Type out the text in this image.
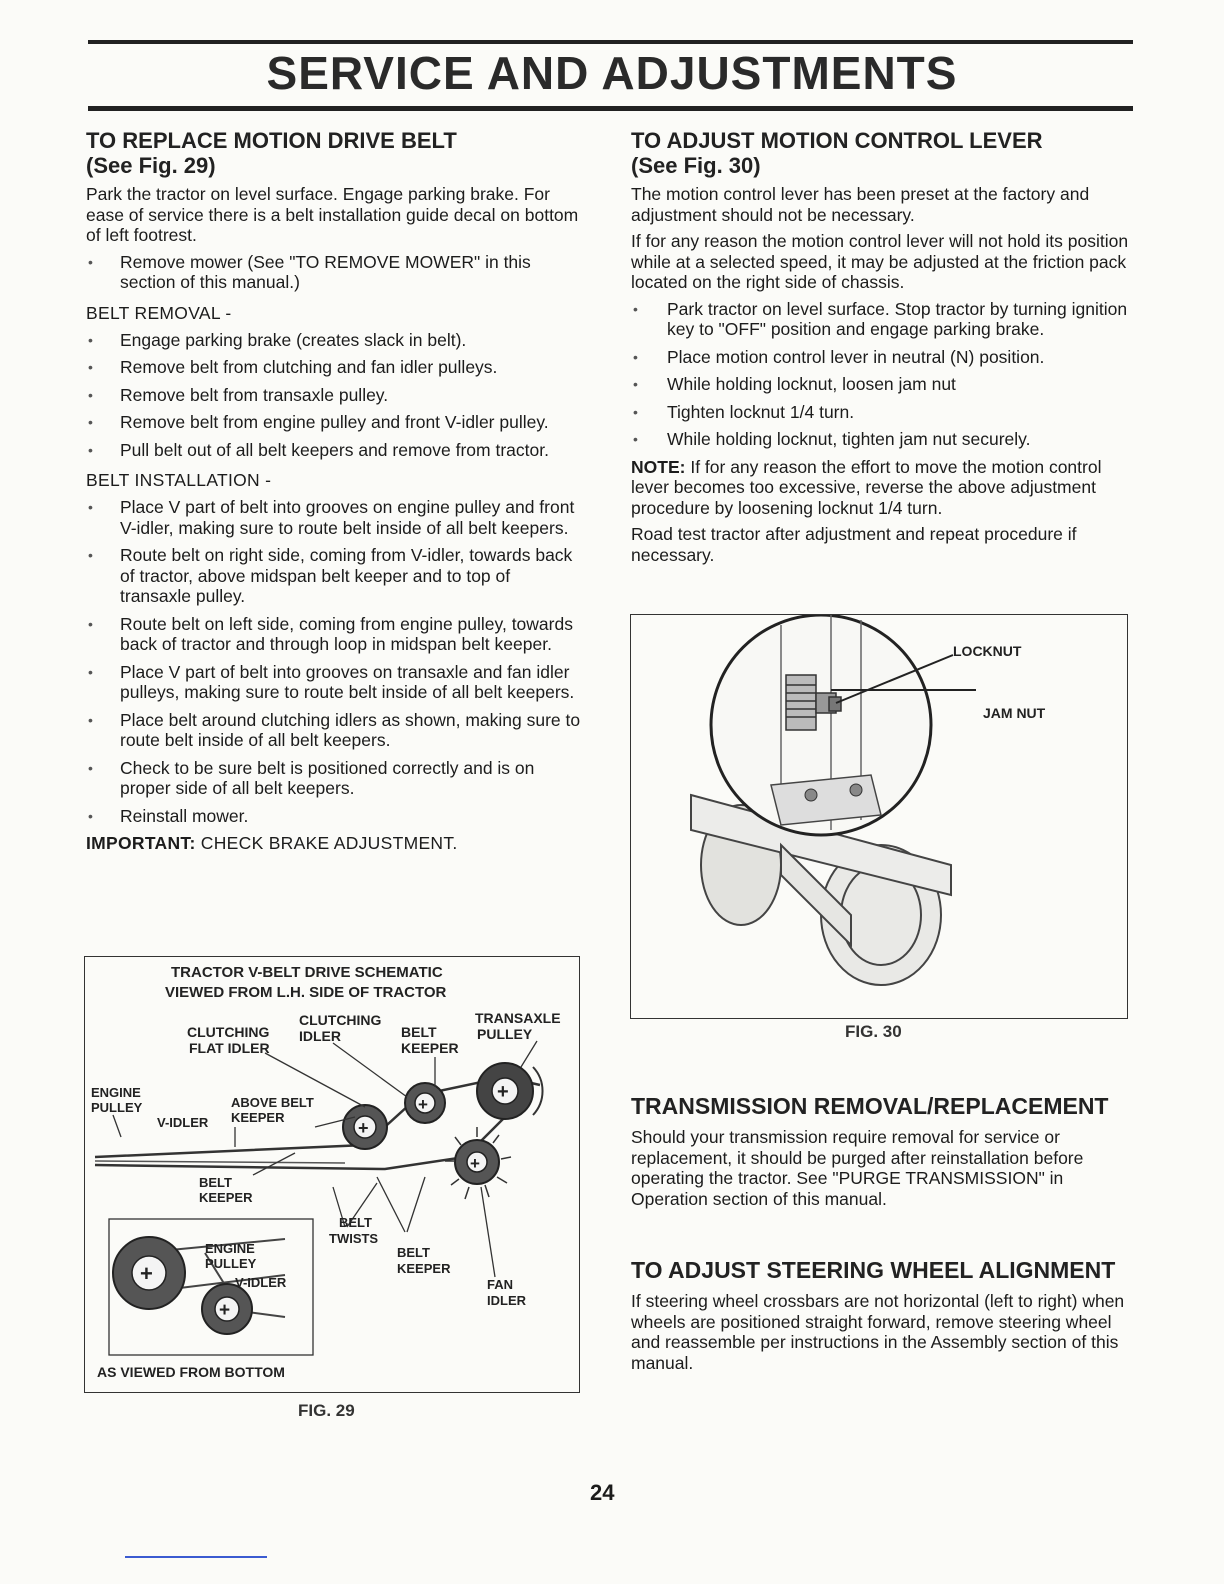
SERVICE AND ADJUSTMENTS
TO REPLACE MOTION DRIVE BELT
(See Fig. 29)

Park the tractor on level surface. Engage parking brake. For ease of service there is a belt installation guide decal on bottom of left footrest.

• Remove mower (See "TO REMOVE MOWER" in this section of this manual.)
BELT REMOVAL -
• Engage parking brake (creates slack in belt).
• Remove belt from clutching and fan idler pulleys.
• Remove belt from transaxle pulley.
• Remove belt from engine pulley and front V-idler pulley.
• Pull belt out of all belt keepers and remove from tractor.
BELT INSTALLATION -
• Place V part of belt into grooves on engine pulley and front V-idler, making sure to route belt inside of all belt keepers.
• Route belt on right side, coming from V-idler, towards back of tractor, above midspan belt keeper and to top of transaxle pulley.
• Route belt on left side, coming from engine pulley, towards back of tractor and through loop in midspan belt keeper.
• Place V part of belt into grooves on transaxle and fan idler pulleys, making sure to route belt inside of all belt keepers.
• Place belt around clutching idlers as shown, making sure to route belt inside of all belt keepers.
• Check to be sure belt is positioned correctly and is on proper side of all belt keepers.
• Reinstall mower.
IMPORTANT: CHECK BRAKE ADJUSTMENT.
TRACTOR V-BELT DRIVE SCHEMATIC
VIEWED FROM L.H. SIDE OF TRACTOR
CLUTCHING
IDLER
CLUTCHING
FLAT IDLER
BELT
KEEPER
TRANSAXLE
PULLEY
ENGINE
PULLEY
V-IDLER
ABOVE BELT
KEEPER
+
+
+
+
BELT
KEEPER
BELT
TWISTS
BELT
KEEPER
FAN
IDLER
+
+
ENGINE
PULLEY
V-IDLER
AS VIEWED FROM BOTTOM
FIG. 29
TO ADJUST MOTION CONTROL LEVER
(See Fig. 30)

The motion control lever has been preset at the factory and adjustment should not be necessary.

If for any reason the motion control lever will not hold its position while at a selected speed, it may be adjusted at the friction pack located on the right side of chassis.

• Park tractor on level surface. Stop tractor by turning ignition key to "OFF" position and engage parking brake.
• Place motion control lever in neutral (N) position.
• While holding locknut, loosen jam nut
• Tighten locknut 1/4 turn.
• While holding locknut, tighten jam nut securely.

NOTE: If for any reason the effort to move the motion control lever becomes too excessive, reverse the above adjustment procedure by loosening locknut 1/4 turn.

Road test tractor after adjustment and repeat procedure if necessary.

LOCKNUT
JAM NUT
FIG. 30
TRANSMISSION REMOVAL/REPLACEMENT

Should your transmission require removal for service or replacement, it should be purged after reinstallation before operating the tractor. See "PURGE TRANSMISSION" in Operation section of this manual.

TO ADJUST STEERING WHEEL ALIGNMENT

If steering wheel crossbars are not horizontal (left to right) when wheels are positioned straight forward, remove steering wheel and reassemble per instructions in the Assembly section of this manual.

24
